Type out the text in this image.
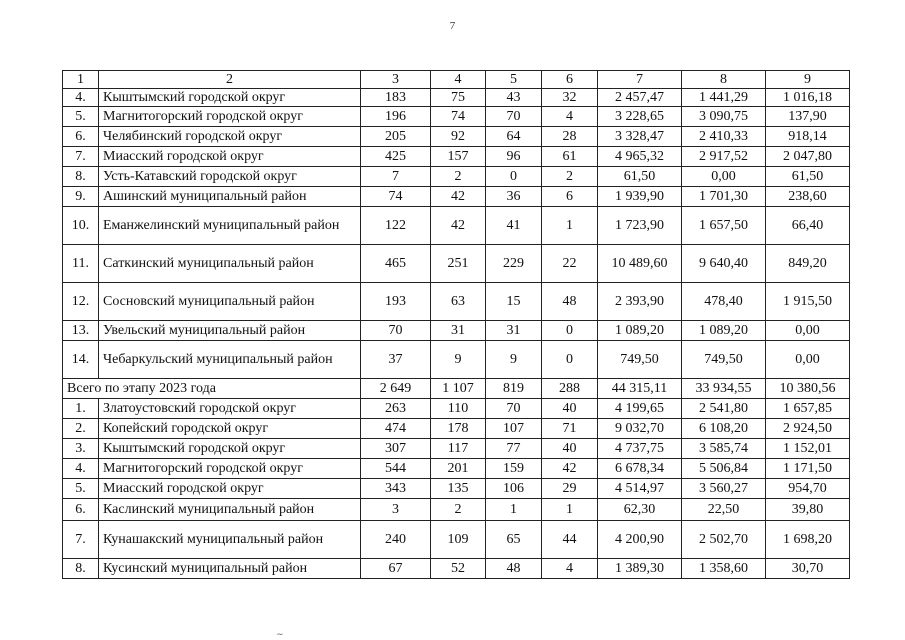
7
1	2	3	4	5	6	7	8	9
4.	Кыштымский городской округ	183	75	43	32	2 457,47	1 441,29	1 016,18
5.	Магнитогорский городской округ	196	74	70	4	3 228,65	3 090,75	137,90
6.	Челябинский городской округ	205	92	64	28	3 328,47	2 410,33	918,14
7.	Миасский городской округ	425	157	96	61	4 965,32	2 917,52	2 047,80
8.	Усть-Катавский городской округ	7	2	0	2	61,50	0,00	61,50
9.	Ашинский муниципальный район	74	42	36	6	1 939,90	1 701,30	238,60
10.	Еманжелинский муниципальный район	122	42	41	1	1 723,90	1 657,50	66,40
11.	Саткинский муниципальный район	465	251	229	22	10 489,60	9 640,40	849,20
12.	Сосновский муниципальный район	193	63	15	48	2 393,90	478,40	1 915,50
13.	Увельский муниципальный район	70	31	31	0	1 089,20	1 089,20	0,00
14.	Чебаркульский муниципальный район	37	9	9	0	749,50	749,50	0,00
Всего по этапу 2023 года		2 649	1 107	819	288	44 315,11	33 934,55	10 380,56
1.	Златоустовский городской округ	263	110	70	40	4 199,65	2 541,80	1 657,85
2.	Копейский городской округ	474	178	107	71	9 032,70	6 108,20	2 924,50
3.	Кыштымский городской округ	307	117	77	40	4 737,75	3 585,74	1 152,01
4.	Магнитогорский городской округ	544	201	159	42	6 678,34	5 506,84	1 171,50
5.	Миасский городской округ	343	135	106	29	4 514,97	3 560,27	954,70
6.	Каслинский муниципальный район	3	2	1	1	62,30	22,50	39,80
7.	Кунашакский муниципальный район	240	109	65	44	4 200,90	2 502,70	1 698,20
8.	Кусинский муниципальный район	67	52	48	4	1 389,30	1 358,60	30,70
∼
